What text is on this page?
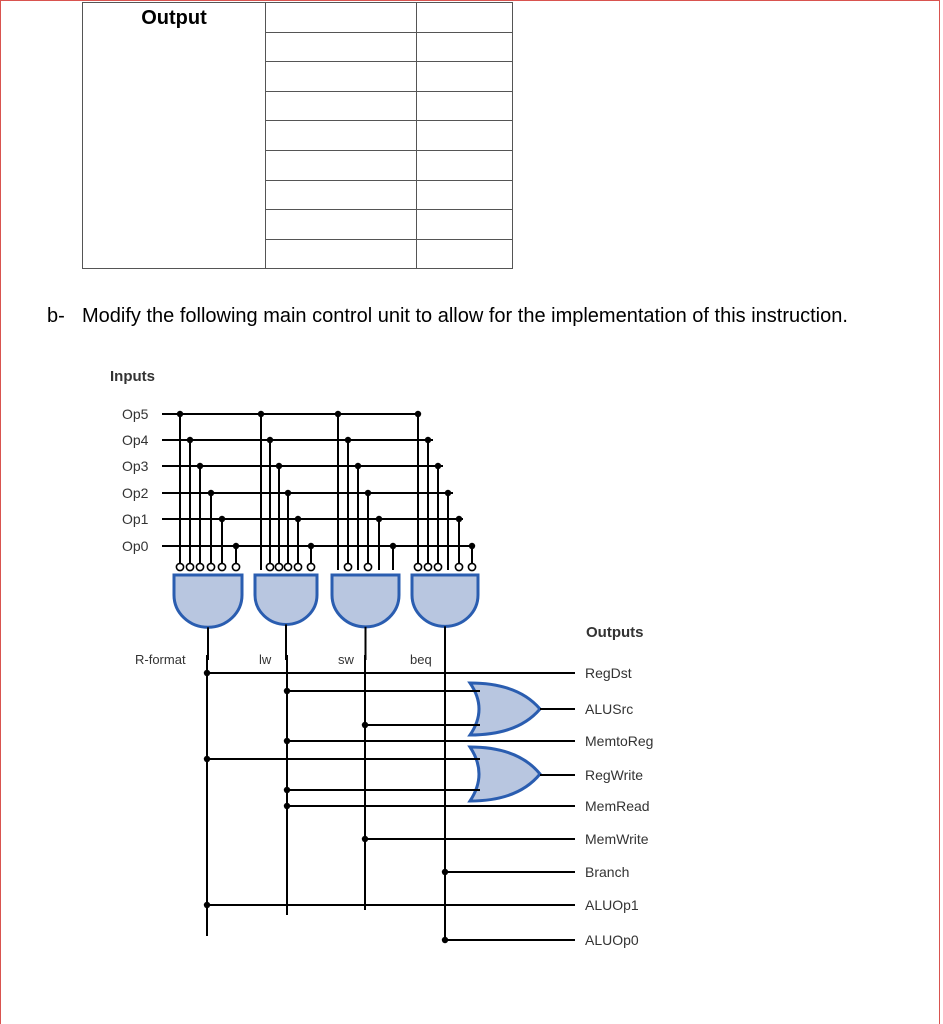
Output		

b- Modify the following main control unit to allow for the implementation of this instruction.
Inputs
Outputs
Op5
Op4
Op3
Op2
Op1
Op0
R-format	lw	sw	beq
RegDst
ALUSrc
MemtoReg
RegWrite
MemRead
MemWrite
Branch
ALUOp1
ALUOp0
